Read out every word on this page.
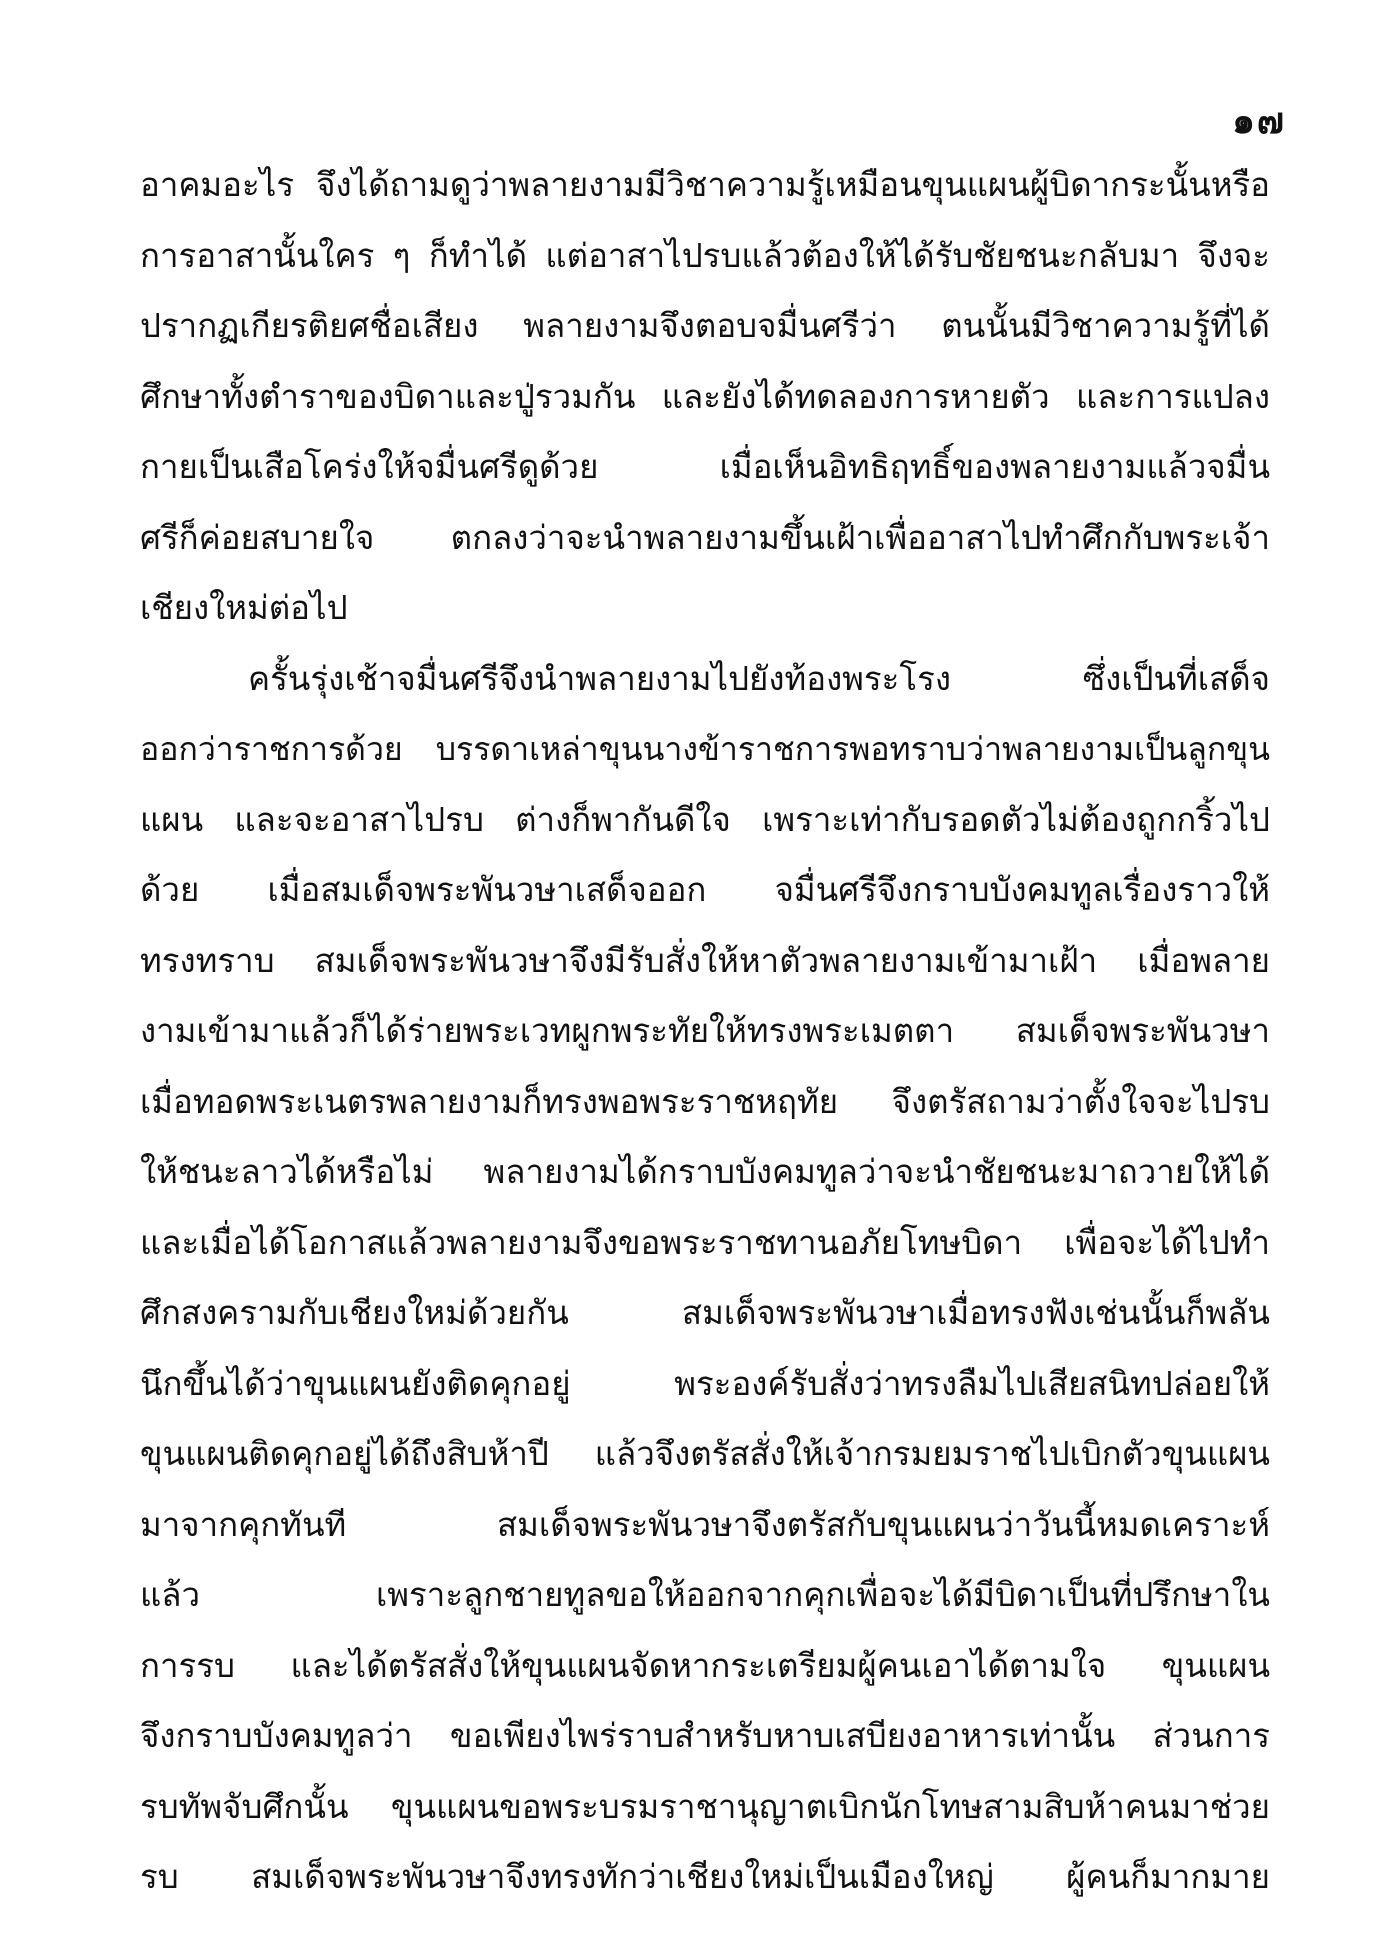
๑๗
อาคมอะไร จึงได้ถามดูว่าพลายงามมีวิชาความรู้เหมือนขุนแผนผู้บิดากระนั้นหรือ
การอาสานั้นใคร ๆ ก็ทำได้ แต่อาสาไปรบแล้วต้องให้ได้รับชัยชนะกลับมา จึงจะ
ปรากฏเกียรติยศชื่อเสียง พลายงามจึงตอบจมื่นศรีว่า ตนนั้นมีวิชาความรู้ที่ได้
ศึกษาทั้งตำราของบิดาและปู่รวมกัน และยังได้ทดลองการหายตัว และการแปลง
กายเป็นเสือโคร่งให้จมื่นศรีดูด้วย เมื่อเห็นอิทธิฤทธิ์ของพลายงามแล้วจมื่น
ศรีก็ค่อยสบายใจ ตกลงว่าจะนำพลายงามขึ้นเฝ้าเพื่ออาสาไปทำศึกกับพระเจ้า
เชียงใหม่ต่อไป
ครั้นรุ่งเช้าจมื่นศรีจึงนำพลายงามไปยังท้องพระโรง ซึ่งเป็นที่เสด็จ
ออกว่าราชการด้วย บรรดาเหล่าขุนนางข้าราชการพอทราบว่าพลายงามเป็นลูกขุน
แผน และจะอาสาไปรบ ต่างก็พากันดีใจ เพราะเท่ากับรอดตัวไม่ต้องถูกกริ้วไป
ด้วย เมื่อสมเด็จพระพันวษาเสด็จออก จมื่นศรีจึงกราบบังคมทูลเรื่องราวให้
ทรงทราบ สมเด็จพระพันวษาจึงมีรับสั่งให้หาตัวพลายงามเข้ามาเฝ้า เมื่อพลาย
งามเข้ามาแล้วก็ได้ร่ายพระเวทผูกพระทัยให้ทรงพระเมตตา สมเด็จพระพันวษา
เมื่อทอดพระเนตรพลายงามก็ทรงพอพระราชหฤทัย จึงตรัสถามว่าตั้งใจจะไปรบ
ให้ชนะลาวได้หรือไม่ พลายงามได้กราบบังคมทูลว่าจะนำชัยชนะมาถวายให้ได้
และเมื่อได้โอกาสแล้วพลายงามจึงขอพระราชทานอภัยโทษบิดา เพื่อจะได้ไปทำ
ศึกสงครามกับเชียงใหม่ด้วยกัน สมเด็จพระพันวษาเมื่อทรงฟังเช่นนั้นก็พลัน
นึกขึ้นได้ว่าขุนแผนยังติดคุกอยู่ พระองค์รับสั่งว่าทรงลืมไปเสียสนิทปล่อยให้
ขุนแผนติดคุกอยู่ได้ถึงสิบห้าปี แล้วจึงตรัสสั่งให้เจ้ากรมยมราชไปเบิกตัวขุนแผน
มาจากคุกทันที สมเด็จพระพันวษาจึงตรัสกับขุนแผนว่าวันนี้หมดเคราะห์
แล้ว เพราะลูกชายทูลขอให้ออกจากคุกเพื่อจะได้มีบิดาเป็นที่ปรึกษาใน
การรบ และได้ตรัสสั่งให้ขุนแผนจัดหากระเตรียมผู้คนเอาได้ตามใจ ขุนแผน
จึงกราบบังคมทูลว่า ขอเพียงไพร่ราบสำหรับหาบเสบียงอาหารเท่านั้น ส่วนการ
รบทัพจับศึกนั้น ขุนแผนขอพระบรมราชานุญาตเบิกนักโทษสามสิบห้าคนมาช่วย
รบ สมเด็จพระพันวษาจึงทรงทักว่าเชียงใหม่เป็นเมืองใหญ่ ผู้คนก็มากมาย
